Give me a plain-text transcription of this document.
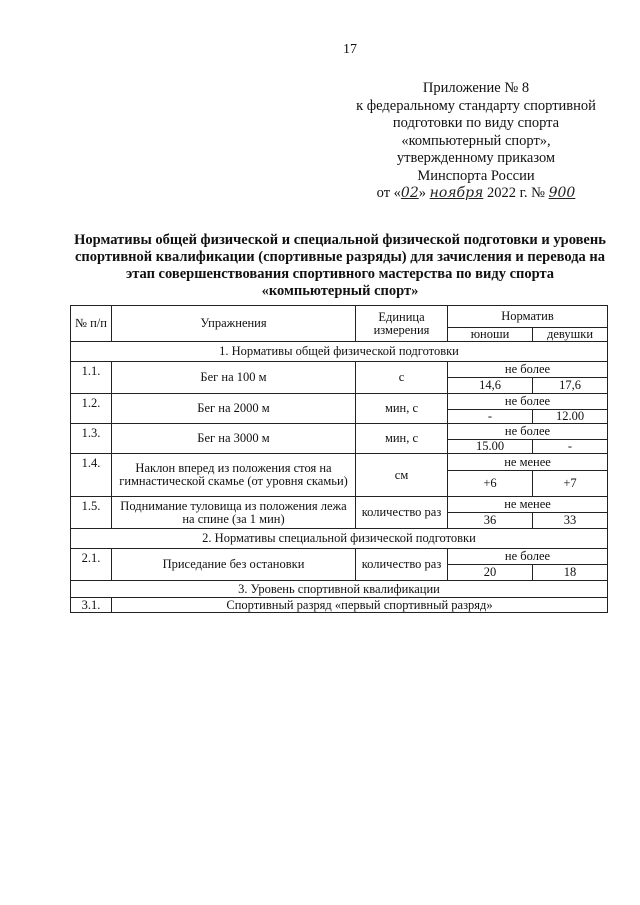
17
Приложение № 8
к федеральному стандарту спортивной
подготовки по виду спорта
«компьютерный спорт»,
утвержденному приказом
Минспорта России
от «02» ноября 2022 г. № 900
Нормативы общей физической и специальной физической подготовки и уровень спортивной квалификации (спортивные разряды) для зачисления и перевода на этап совершенствования спортивного мастерства по виду спорта «компьютерный спорт»
№ п/п	Упражнения	Единица измерения	Норматив	
			юноши	девушки
1. Нормативы общей физической подготовки				
1.1.	Бег на 100 м	с	не более	
			14,6	17,6
1.2.	Бег на 2000 м	мин, с	не более	
			-	12.00
1.3.	Бег на 3000 м	мин, с	не более	
			15.00	-
1.4.	Наклон вперед из положения стоя на гимнастической скамье (от уровня скамьи)	см	не менее	
			+6	+7
1.5.	Поднимание туловища из положения лежа на спине (за 1 мин)	количество раз	не менее	
			36	33
2. Нормативы специальной физической подготовки				
2.1.	Приседание без остановки	количество раз	не более	
			20	18
3. Уровень спортивной квалификации				
3.1.	Спортивный разряд «первый спортивный разряд»			
